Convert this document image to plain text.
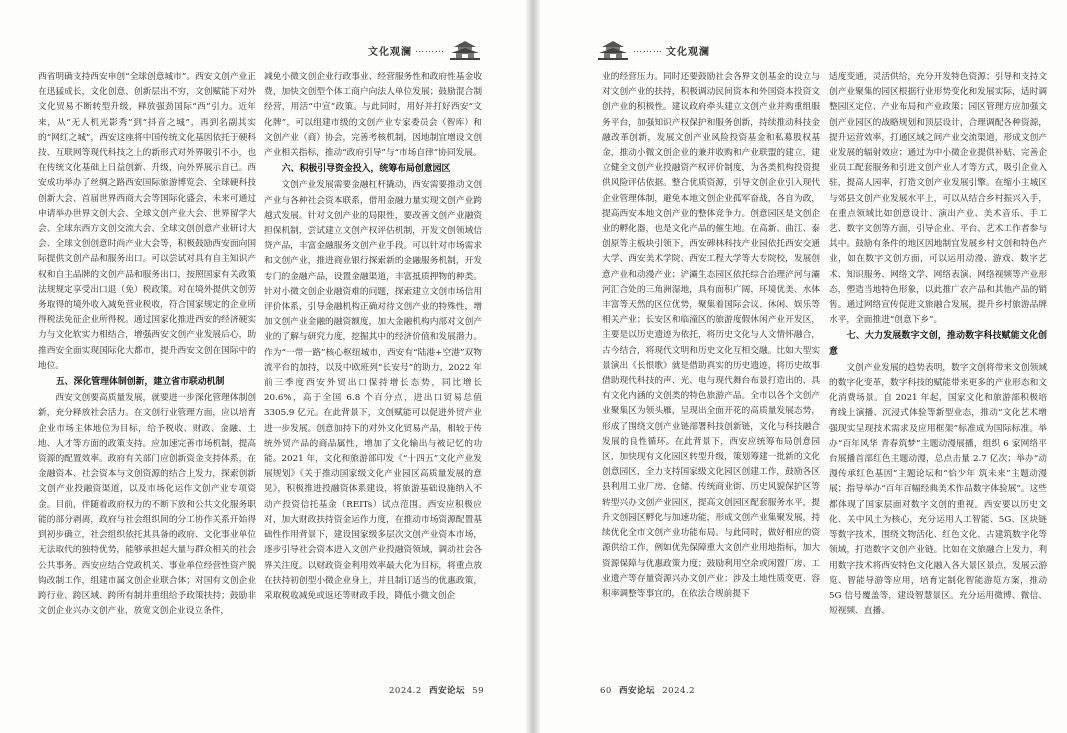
文化观澜 ………

西省明确支持西安申创“全球创意城市”。西安文创产业正在迅猛成长，文化创意、创新层出不穷，文创赋能下对外文化贸易不断转型升级，释放强劲国际“西”引力。近年来，从“无人机光影秀”到“抖音之城”，再到名副其实的“网红之城”，西安这座将中国传统文化基因依托于硬科技、互联网等现代科技之上的新形式对外界吸引不小，也在传统文化基础上日益创新、升级，向外界展示自己。西安成功举办了丝绸之路西安国际旅游博览会、全球硬科技创新大会、首届世界西商大会等国际化盛会，未来可通过申请举办世界文创大会、全球文创产业大会、世界留学大会、全球东西方文创交流大会、全球文创创意产业研讨大会、全球文创创意时尚产业大会等，积极鼓励西安面向国际提供文创产品和服务出口。可以尝试对具有自主知识产权和自主品牌的文创产品和服务出口，按照国家有关政策法规规定享受出口退（免）税政策。对在境外提供文创劳务取得的境外收入减免营业税收，符合国家规定的企业所得税法免征企业所得税。通过国家化推进西安的经济硬实力与文化软实力相结合，增强西安文创产业发展后心，助推西安全面实现国际化大都市，提升西安文创在国际中的地位。

五、深化管理体制创新，建立省市联动机制

西安文创要高质量发展，就要进一步深化管理体制创新，充分释放社会活力。在文创行业管理方面，应以培育企业市场主体地位为目标，给予税收、财政、金融、土地、人才等方面的政策支持。应加速完善市场机制，提高资源的配置效率。政府有关部门应创新资金支持体系，在金融资本、社会资本与文创资源的结合上发力，探索创新文创产业投融资渠道，以及市场化运作文创产业专项资金。目前，伴随着政府权力的不断下放和公共文化服务职能的部分剥离，政府与社会组织间的分工协作关系开始得到初步确立，社会组织依托其具备的政府、文化事业单位无法取代的独特优势，能够承担起大量与群众相关的社会公共事务。西安应结合党政机关、事业单位经营性资产脱钩改制工作，组建市属文创企业联合体；对国有文创企业跨行业、跨区域、跨所有制并重组给予政策扶持；鼓励非文创企业兴办文创产业，放宽文创企业设立条件，

减免小微文创企业行政事业、经营服务性和政府性基金收费，加快文创型个体工商户向法人单位发展；鼓励混合制经营，用活“中宣”政策。与此同时，用好并打好西安“文化牌”，可以组建市级的文创产业专家委员会（智库）和文创产业（商）协会，完善考核机制，因地制宜增设文创产业相关指标，推动“政府引导”与“市场自律”协同发展。

六、积极引导资金投入，统筹布局创意园区

文创产业发展需要金融杠杆撬动，西安需要推动文创产业与各种社会资本联系，借用金融力量实现文创产业跨越式发展。针对文创产业的局限性，要改善文创产业融资担保机制，尝试建立文创产权评估机制，开发文创领域信贷产品，丰富金融服务文创产业手段。可以针对市场需求和文创产业，推进商业银行探索新的金融服务机制，开发专门的金融产品，设置金融渠道，丰富抵质押物的种类。针对小微文创企业融资难的问题，探索建立文创市场信用评价体系，引导金融机构正确对待文创产业的特殊性，增加文创产业金融的融资额度，加大金融机构内部对文创产业的了解与研究力度，挖掘其中的经济价值和发展潜力。作为“一带一路”核心枢纽城市，西安有“陆港+空港”双物流平台的加持，以及中欧班列“长安号”的助力，2022 年前三季度西安外贸出口保持增长态势，同比增长 20.6%，高于全国 6.8 个百分点，进出口贸易总值 3305.9 亿元。在此背景下，文创赋能可以促进外贸产业进一步发展。创意加持下的对外文化贸易产品，相较于传统外贸产品的商品属性，增加了文化输出与被记忆的功能。2021 年，文化和旅游部印发《“十四五”文化产业发展规划》《关于推动国家级文化产业园区高质量发展的意见》，积极推进投融资体系建设，将旅游基础设施纳入不动产投资信托基金（REITs）试点范围。西安应积极应对，加大财政扶持资金运作力度，在推动市场资源配置基础性作用背景下，建设国家级多层次文创产业资本市场，逐步引导社会资本进入文创产业投融资领域，调动社会各界关注度。以财政资金利用效率最大化为目标，将重点放在扶持初创型小微企业身上，并且制订适当的优惠政策，采取税收减免或返还等财政手段，降低小微文创企

2024.2 西安论坛 59
……… 文化观澜

业的经营压力。同时还要鼓励社会各界文创基金的设立与对文创产业的扶持，积极调动民间资本和外国资本投资文创产业的积极性。建议政府牵头建立文创产业并购重组服务平台，加强知识产权保护和服务创新，持续推动科技金融改革创新，发展文创产业风险投资基金和私募股权基金，推动小微文创企业的兼并收购和产业联盟的建立，建立健全文创产业投融资产权评价制度，为各类机构投资提供风险评估依据。整合优质资源，引导文创企业引入现代企业管理体制，避免本地文创企业孤军奋战，各自为政，提高西安本地文创产业的整体竞争力。创意园区是文创企业的孵化器，也是文化产品的催生地。在高新、曲江、泰创原等主板块引领下，西安碑林科技产业园依托西安交通大学、西安美术学院、西安工程大学等大专院校，发展创意产业和动漫产业；浐灞生态园区依托综合治理浐河与灞河汇合处的三角洲湿地，具有面积广阔、环境优美、水体丰富等天然的区位优势，聚集着国际会议、休闲、娱乐等相关产业；长安区和临潼区的旅游度假休闲产业开发区，主要是以历史遗迹为依托，将历史文化与人文情怀融合，古今结合，将现代文明和历史文化互相交融。比如大型实景演出《长恨歌》就是借助真实的历史遗迹，将历史故事借助现代科技的声、光、电与现代舞台布景打造出的、具有文化内涵的文创类的特色旅游产品。全市以各个文创产业聚集区为领头雁，呈现出全面开花的高质量发展态势，形成了围绕文创产业链部署科技创新链，文化与科技融合发展的良性循环。在此背景下，西安应统筹布局创意园区，加快现有文化园区转型升级，策划筹建一批新的文化创意园区，全力支持国家级文化园区创建工作，鼓励各区县利用工业厂房、仓储、传统商业街、历史风貌保护区等转型兴办文创产业园区，提高文创园区配套服务水平，提升文创园区孵化与加速功能，形成文创产业集聚发展，持续优化全市文创产业功能布局。与此同时，做好相应的资源供给工作，例如优先保障重大文创产业用地指标，加大资源保障与优惠政策力度；鼓励利用空余或闲置厂房、工业遗产等存量资源兴办文创产业；涉及土地性质变更、容积率调整等事宜的，在依法合规前提下

适度变通，灵活供给，充分开发特色资源；引导和支持文创产业聚集的园区根据行业形势变化和发展实际，适时调整园区定位、产业布局和产业政策；园区管理方应加强文创产业园区的战略规划和顶层设计，合理调配各种资源，提升运营效率，打通区域之间产业交流渠道，形成文创产业发展的辐射效应；通过为中小微企业提供补贴、完善企业员工配套服务和引进文创产业人才等方式，吸引企业入驻，提高人园率，打造文创产业发展引擎。在缩小主城区与郊县文创产业发展水平上，可以从结合乡村振兴入手，在重点领域比如创意设计、演出产业、美术音乐、手工艺、数字文创等方面，引导企业、平台、艺术工作者参与其中。鼓励有条件的地区因地制宜发展乡村文创和特色产业，如在数字文创方面，可以运用动漫、游戏、数字艺术、知识服务、网络文学、网络表演、网络视频等产业形态，塑造当地特色形象，以此推广农产品和其他产品的销售。通过网络宣传促进文旅融合发展，提升乡村旅游品牌水平，全面推进“创意下乡”。

七、大力发展数字文创，推动数字科技赋能文化创意

文创产业发展的趋势表明，数字文创将带来文创领域的数字化变革，数字科技的赋能带来更多的产业形态和文化消费场景。自 2021 年起，国家文化和旅游部积极培育线上演播、沉浸式体验等新型业态，推动“文化艺术增强现实呈现技术需求及应用框架”标准成为国际标准。举办“百年风华 青春筑梦”主题动漫展播，组织 6 家网络平台展播首部红色主题动漫，总点击量 2.7 亿次；举办“动漫传承红色基因”主题论坛和“恰少年 筑未来”主题动漫展；指导举办“百年百幅经典美术作品数字体验展”。这些都体现了国家层面对数字文创的重视。西安要以历史文化、关中风土为核心，充分运用人工智能、5G、区块链等数字技术，围绕文物活化、红色文化、古建筑数字化等领域，打造数字文创产业链。比如在文旅融合上发力，利用数字技术将西安特色文化融入各大景区景点，发展云游览、智能导游等应用，培育定制化智能游览方案，推动 5G 信号覆盖等，建设智慧景区。充分运用微博、微信、短视频、直播、

60 西安论坛 2024.2
